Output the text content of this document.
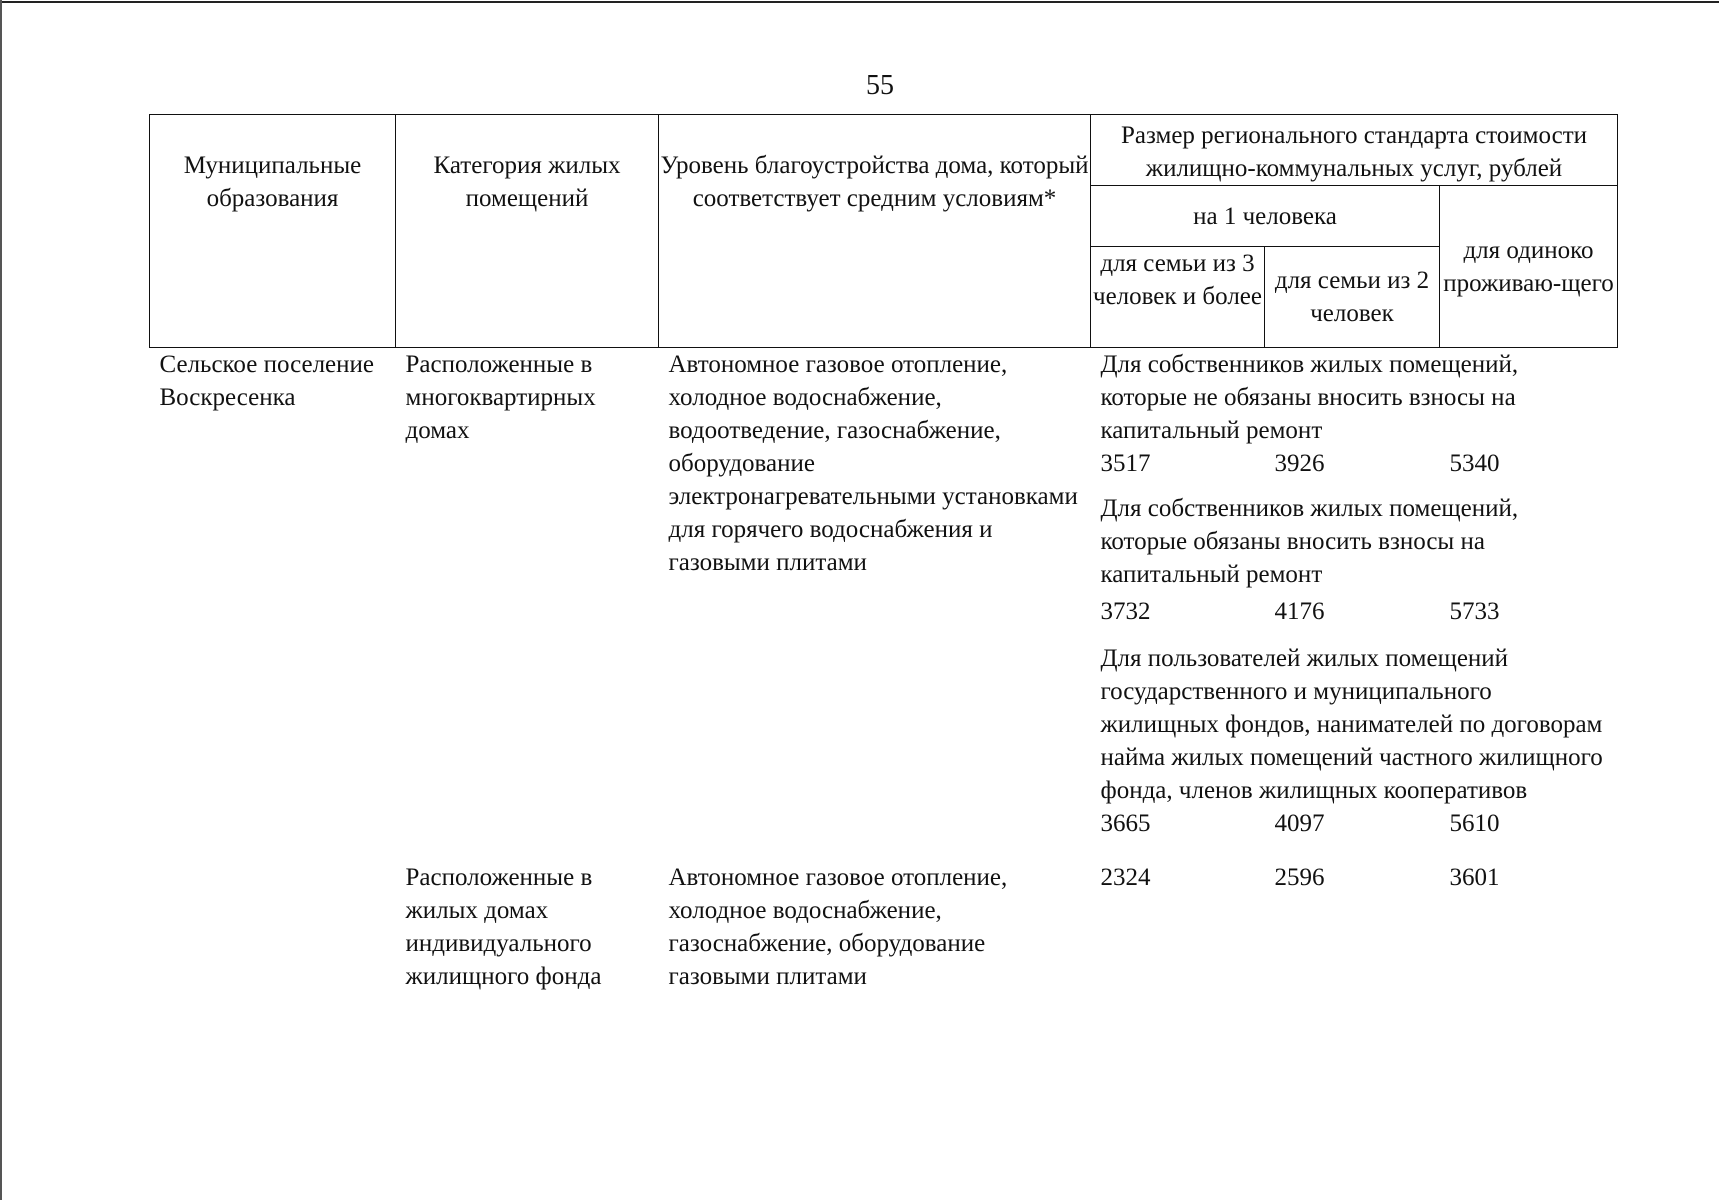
55
Муниципальные образования	Категория жилых помещений	Уровень благоустройства дома, который соответствует средним условиям*	Размер регионального стандарта стоимости жилищно-коммунальных услуг, рублей		
			на 1 человека		для одиноко проживаю-щего
			для семьи из 3 человек и более	для семьи из 2 человек	
Сельское поселение Воскресенка	Расположенные в многоквартирных домах	Автономное газовое отопление, холодное водоснабжение, водоотведение, газоснабжение, оборудование электронагревательными установками для горячего водоснабжения и газовыми плитами	Для собственников жилых помещений, которые не обязаны вносить взносы на капитальный ремонт		
			3517	3926	5340
			Для собственников жилых помещений, которые обязаны вносить взносы на капитальный ремонт		
			3732	4176	5733
			Для пользователей жилых помещений государственного и муниципального жилищных фондов, нанимателей по договорам найма жилых помещений частного жилищного фонда, членов жилищных кооперативов		
			3665	4097	5610
	Расположенные в жилых домах индивидуального жилищного фонда	Автономное газовое отопление, холодное водоснабжение, газоснабжение, оборудование газовыми плитами	2324	2596	3601
